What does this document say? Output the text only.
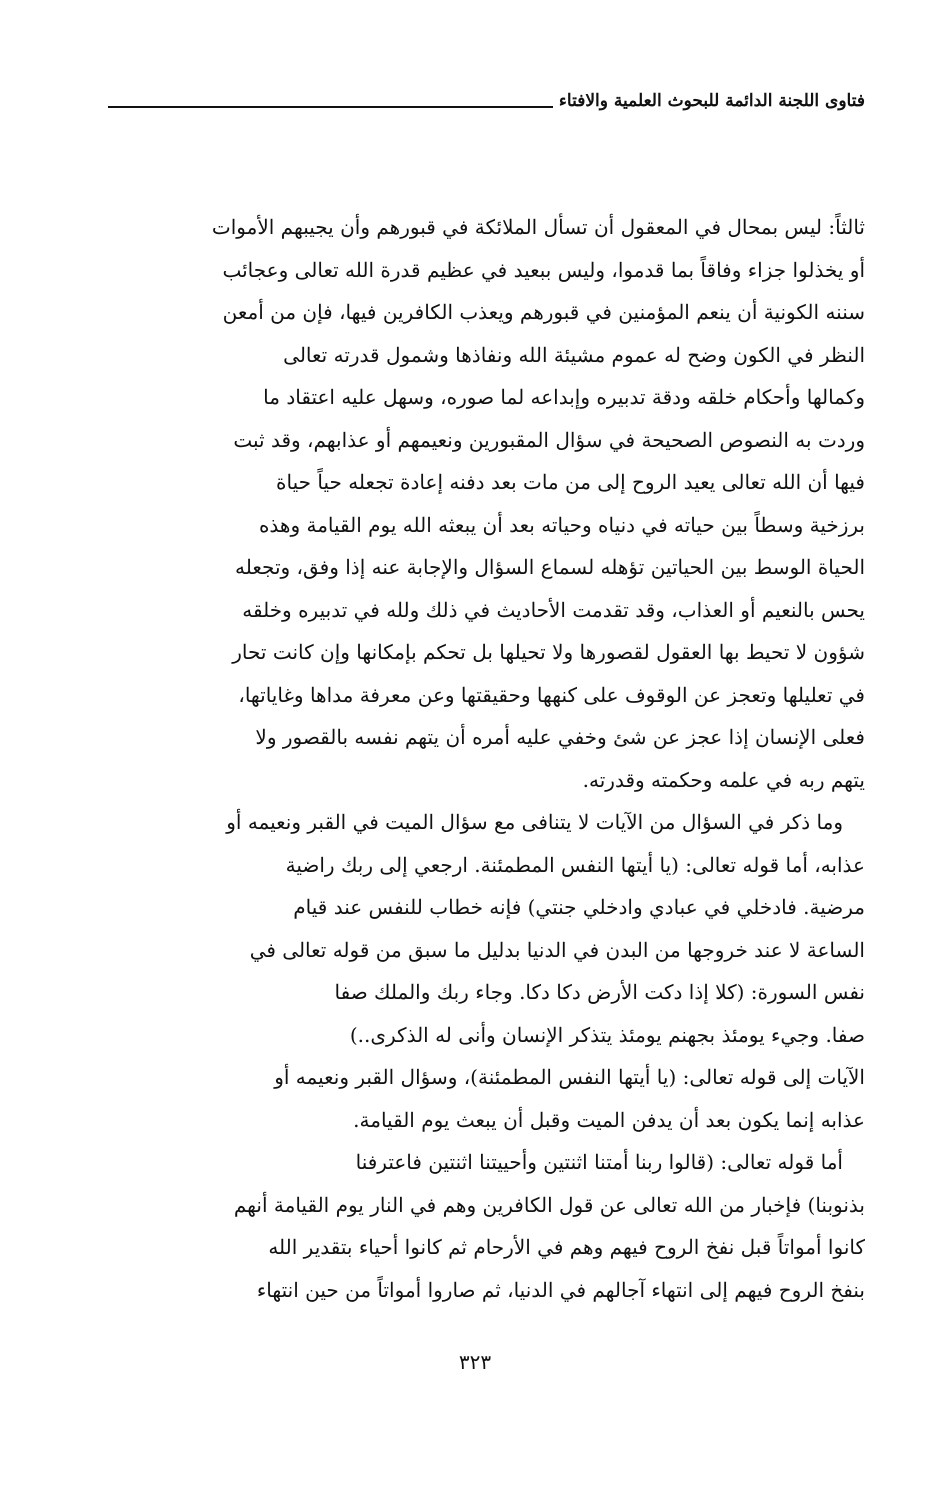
فتاوى اللجنة الدائمة للبحوث العلمية والافتاء
ثالثاً: ليس بمحال في المعقول أن تسأل الملائكة في قبورهم وأن يجيبهم الأموات
أو يخذلوا جزاء وفاقاً بما قدموا، وليس ببعيد في عظيم قدرة الله تعالى وعجائب
سننه الكونية أن ينعم المؤمنين في قبورهم ويعذب الكافرين فيها، فإن من أمعن
النظر في الكون وضح له عموم مشيئة الله ونفاذها وشمول قدرته تعالى
وكمالها وأحكام خلقه ودقة تدبيره وإبداعه لما صوره، وسهل عليه اعتقاد ما
وردت به النصوص الصحيحة في سؤال المقبورين ونعيمهم أو عذابهم، وقد ثبت
فيها أن الله تعالى يعيد الروح إلى من مات بعد دفنه إعادة تجعله حياً حياة
برزخية وسطاً بين حياته في دنياه وحياته بعد أن يبعثه الله يوم القيامة وهذه
الحياة الوسط بين الحياتين تؤهله لسماع السؤال والإجابة عنه إذا وفق، وتجعله
يحس بالنعيم أو العذاب، وقد تقدمت الأحاديث في ذلك ولله في تدبيره وخلقه
شؤون لا تحيط بها العقول لقصورها ولا تحيلها بل تحكم بإمكانها وإن كانت تحار
في تعليلها وتعجز عن الوقوف على كنهها وحقيقتها وعن معرفة مداها وغاياتها،
فعلى الإنسان إذا عجز عن شئ وخفي عليه أمره أن يتهم نفسه بالقصور ولا
يتهم ربه في علمه وحكمته وقدرته.
وما ذكر في السؤال من الآيات لا يتنافى مع سؤال الميت في القبر ونعيمه أو
عذابه، أما قوله تعالى: (يا أيتها النفس المطمئنة. ارجعي إلى ربك راضية
مرضية. فادخلي في عبادي وادخلي جنتي) فإنه خطاب للنفس عند قيام
الساعة لا عند خروجها من البدن في الدنيا بدليل ما سبق من قوله تعالى في
نفس السورة: (كلا إذا دكت الأرض دكا دكا. وجاء ربك والملك صفا
صفا. وجيء يومئذ بجهنم يومئذ يتذكر الإنسان وأنى له الذكرى..)
الآيات إلى قوله تعالى: (يا أيتها النفس المطمئنة)، وسؤال القبر ونعيمه أو
عذابه إنما يكون بعد أن يدفن الميت وقبل أن يبعث يوم القيامة.
أما قوله تعالى: (قالوا ربنا أمتنا اثنتين وأحييتنا اثنتين فاعترفنا
بذنوبنا) فإخبار من الله تعالى عن قول الكافرين وهم في النار يوم القيامة أنهم
كانوا أمواتاً قبل نفخ الروح فيهم وهم في الأرحام ثم كانوا أحياء بتقدير الله
بنفخ الروح فيهم إلى انتهاء آجالهم في الدنيا، ثم صاروا أمواتاً من حين انتهاء
٣٢٣
